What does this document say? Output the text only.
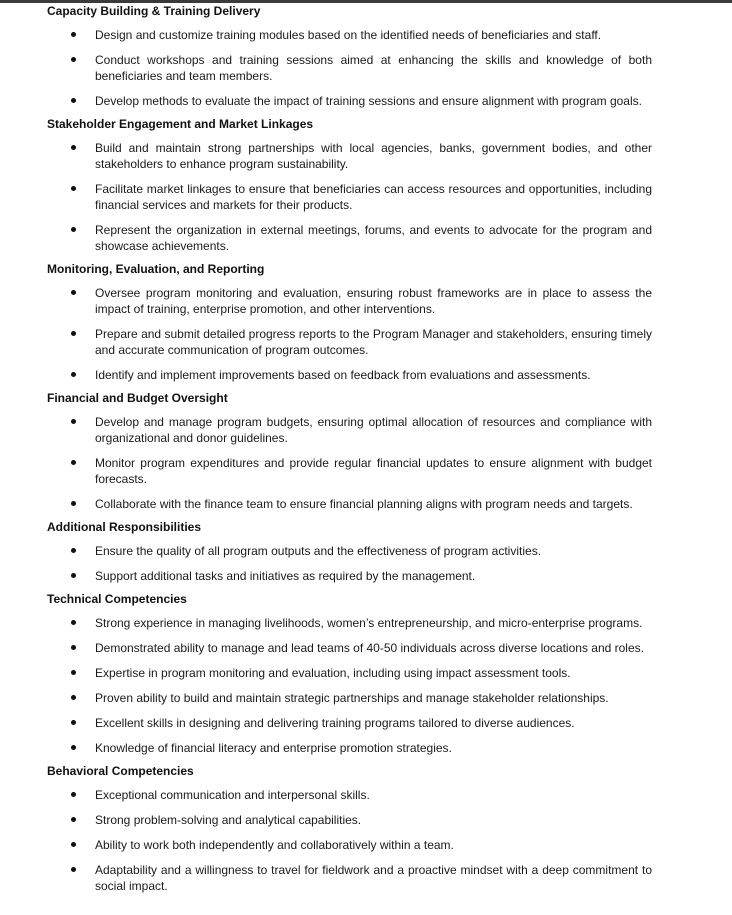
Capacity Building & Training Delivery
Design and customize training modules based on the identified needs of beneficiaries and staff.
Conduct workshops and training sessions aimed at enhancing the skills and knowledge of both beneficiaries and team members.
Develop methods to evaluate the impact of training sessions and ensure alignment with program goals.
Stakeholder Engagement and Market Linkages
Build and maintain strong partnerships with local agencies, banks, government bodies, and other stakeholders to enhance program sustainability.
Facilitate market linkages to ensure that beneficiaries can access resources and opportunities, including financial services and markets for their products.
Represent the organization in external meetings, forums, and events to advocate for the program and showcase achievements.
Monitoring, Evaluation, and Reporting
Oversee program monitoring and evaluation, ensuring robust frameworks are in place to assess the impact of training, enterprise promotion, and other interventions.
Prepare and submit detailed progress reports to the Program Manager and stakeholders, ensuring timely and accurate communication of program outcomes.
Identify and implement improvements based on feedback from evaluations and assessments.
Financial and Budget Oversight
Develop and manage program budgets, ensuring optimal allocation of resources and compliance with organizational and donor guidelines.
Monitor program expenditures and provide regular financial updates to ensure alignment with budget forecasts.
Collaborate with the finance team to ensure financial planning aligns with program needs and targets.
Additional Responsibilities
Ensure the quality of all program outputs and the effectiveness of program activities.
Support additional tasks and initiatives as required by the management.
Technical Competencies
Strong experience in managing livelihoods, women’s entrepreneurship, and micro-enterprise programs.
Demonstrated ability to manage and lead teams of 40-50 individuals across diverse locations and roles.
Expertise in program monitoring and evaluation, including using impact assessment tools.
Proven ability to build and maintain strategic partnerships and manage stakeholder relationships.
Excellent skills in designing and delivering training programs tailored to diverse audiences.
Knowledge of financial literacy and enterprise promotion strategies.
Behavioral Competencies
Exceptional communication and interpersonal skills.
Strong problem-solving and analytical capabilities.
Ability to work both independently and collaboratively within a team.
Adaptability and a willingness to travel for fieldwork and a proactive mindset with a deep commitment to social impact.
